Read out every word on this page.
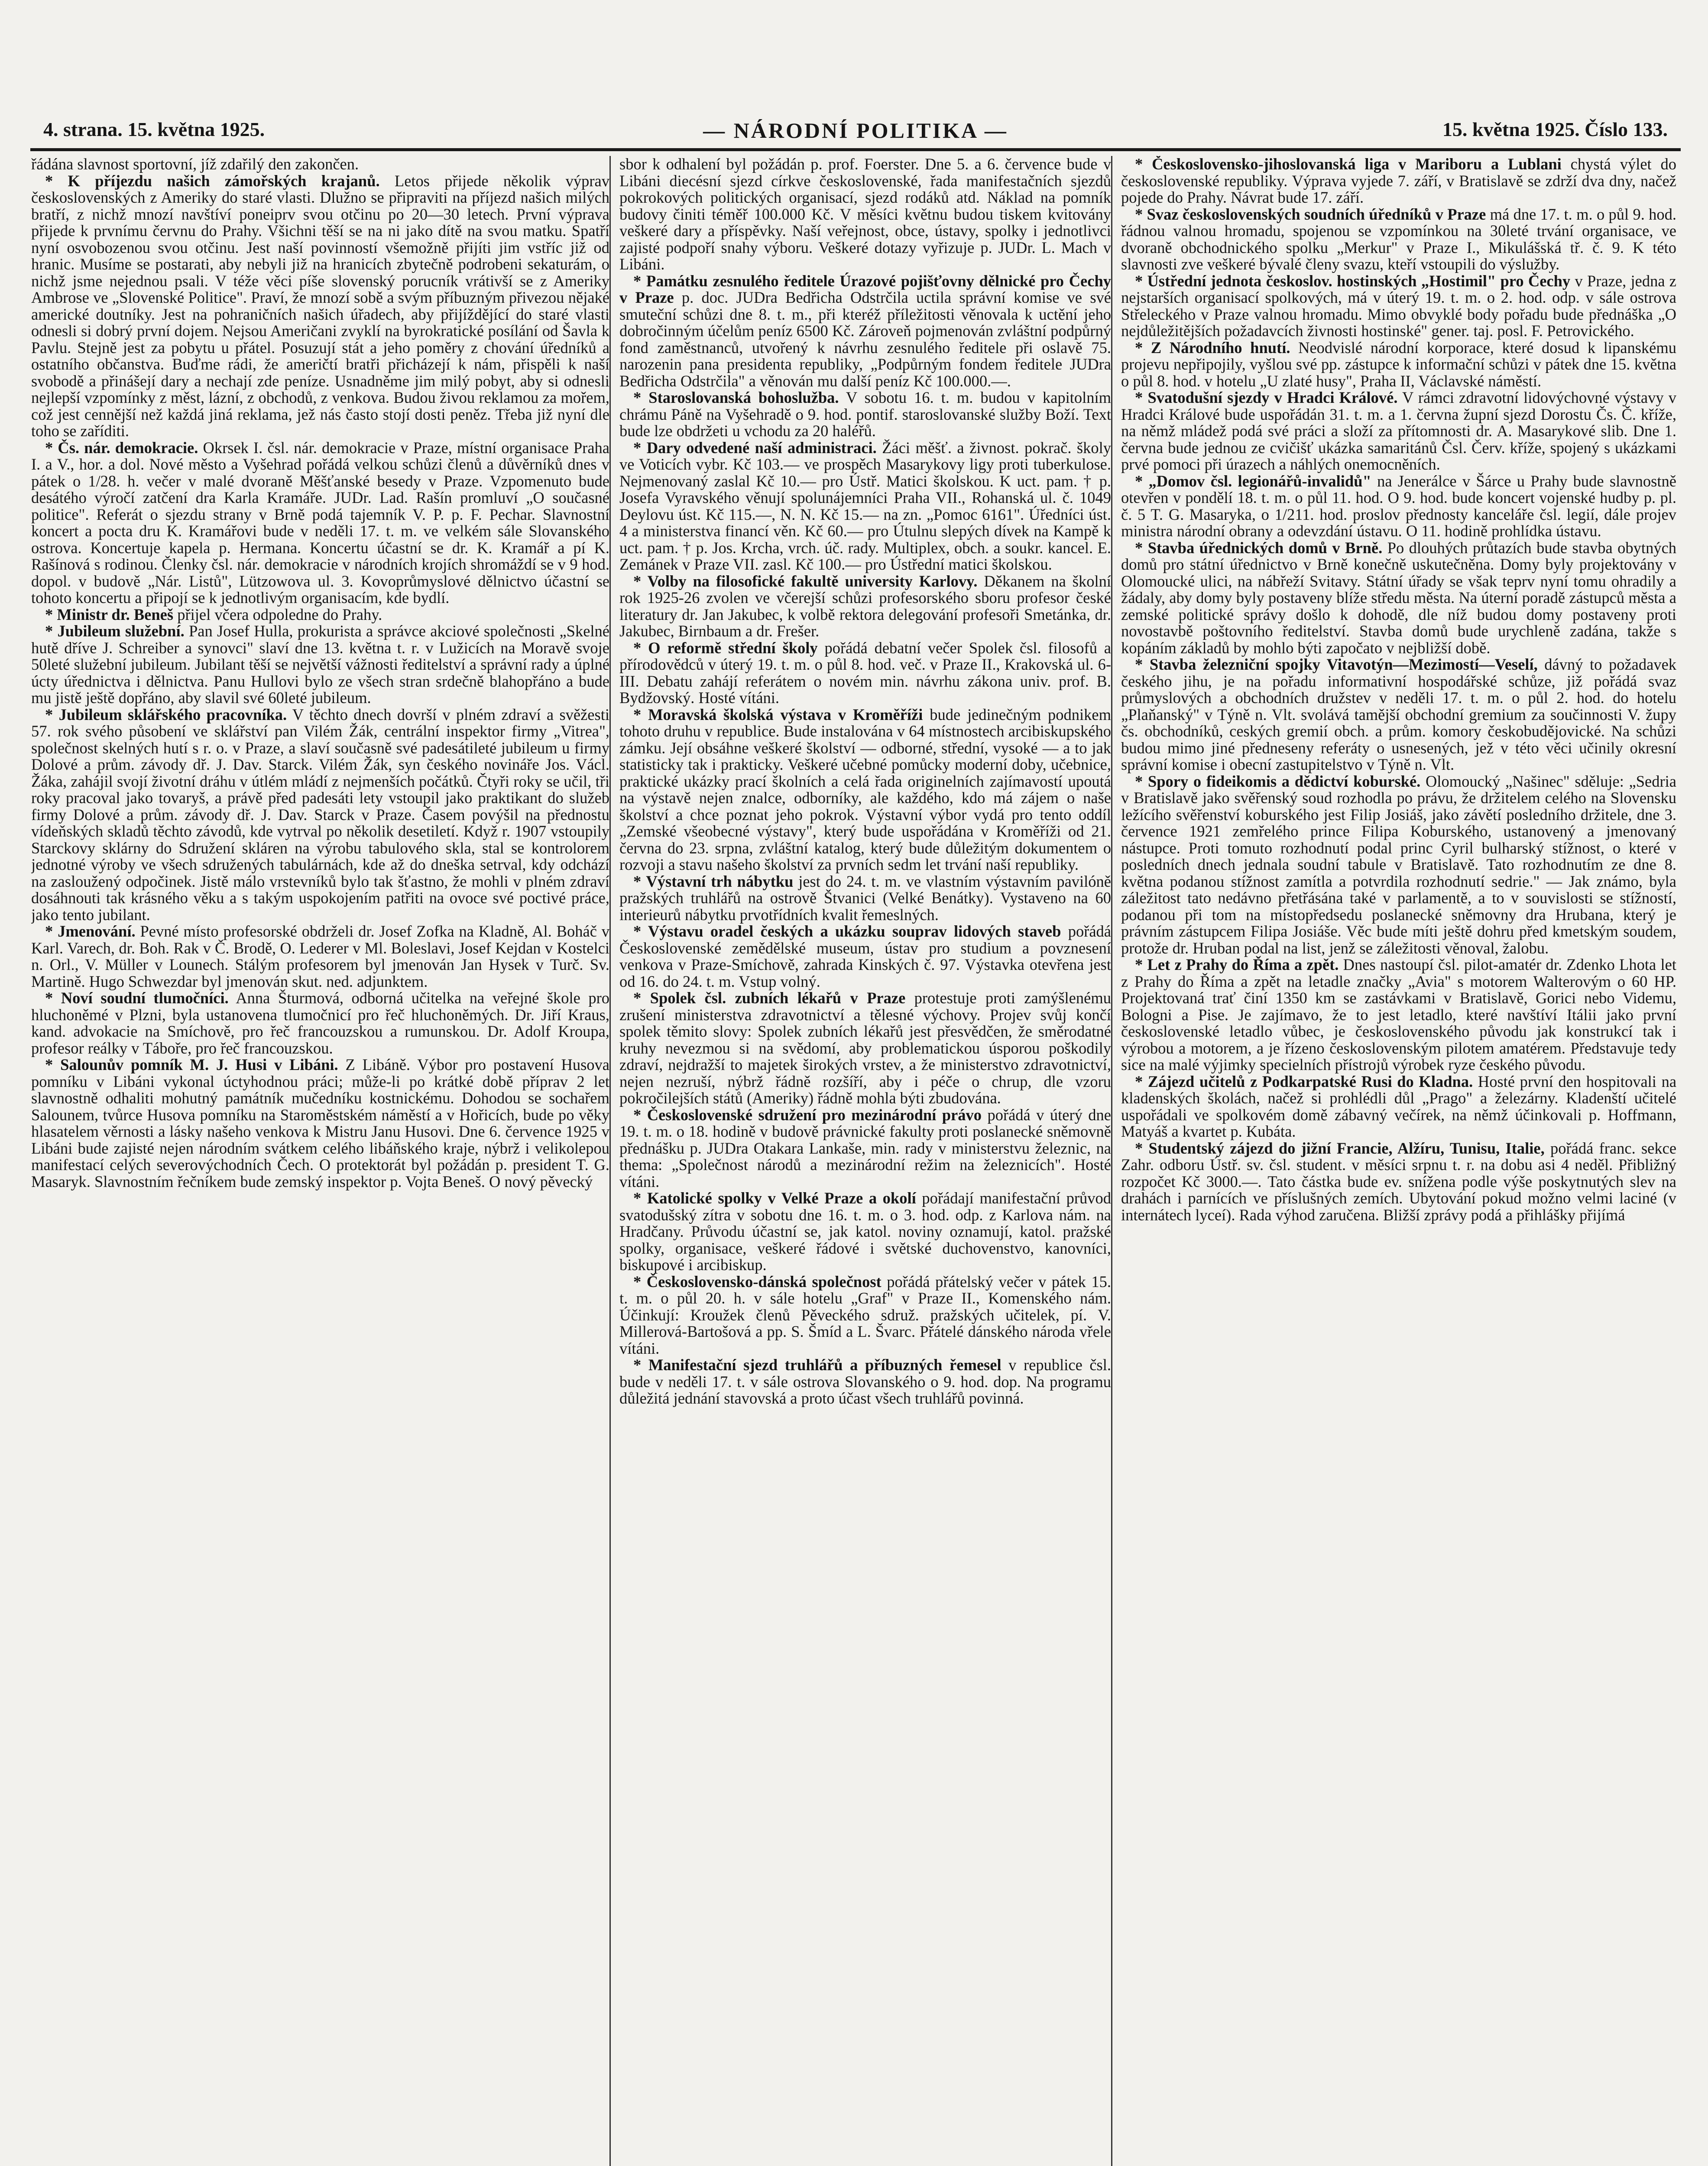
4. strana. 15. května 1925.	— NÁRODNÍ POLITIKA —	15. května 1925. Číslo 133.

řádána slavnost sportovní, jíž zdařilý den zakončen.

* K příjezdu našich zámořských krajanů. Letos přijede několik výprav československých z Ameriky do staré vlasti. Dlužno se připraviti na příjezd našich milých bratří, z nichž mnozí navštíví poneiprv svou otčinu po 20—30 letech. První výprava přijede k prvnímu červnu do Prahy. Všichni těší se na ni jako dítě na svou matku. Spatří nyní osvobozenou svou otčinu. Jest naší povinností všemožně přijíti jim vstříc již od hranic. Musíme se postarati, aby nebyli již na hranicích zbytečně podrobeni sekaturám, o nichž jsme nejednou psali. V téže věci píše slovenský porucník vrátivší se z Ameriky Ambrose ve „Slovenské Politice". Praví, že mnozí sobě a svým příbuzným přivezou nějaké americké doutníky. Jest na pohraničních našich úřadech, aby přijíždějící do staré vlasti odnesli si dobrý první dojem. Nejsou Američani zvyklí na byrokratické posílání od Šavla k Pavlu. Stejně jest za pobytu u přátel. Posuzují stát a jeho poměry z chování úředníků a ostatního občanstva. Buďme rádi, že američtí bratři přicházejí k nám, přispěli k naší svobodě a přinášejí dary a nechají zde peníze. Usnadněme jim milý pobyt, aby si odnesli nejlepší vzpomínky z měst, lázní, z obchodů, z venkova. Budou živou reklamou za mořem, což jest cennější než každá jiná reklama, jež nás často stojí dosti peněz. Třeba již nyní dle toho se zaříditi.

* Čs. nár. demokracie. Okrsek I. čsl. nár. demokracie v Praze, místní organisace Praha I. a V., hor. a dol. Nové město a Vyšehrad pořádá velkou schůzi členů a důvěrníků dnes v pátek o 1/28. h. večer v malé dvoraně Měšťanské besedy v Praze. Vzpomenuto bude desátého výročí zatčení dra Karla Kramáře. JUDr. Lad. Rašín promluví „O současné politice". Referát o sjezdu strany v Brně podá tajemník V. P. p. F. Pechar. Slavnostní koncert a pocta dru K. Kramářovi bude v neděli 17. t. m. ve velkém sále Slovanského ostrova. Koncertuje kapela p. Hermana. Koncertu účastní se dr. K. Kramář a pí K. Rašínová s rodinou. Členky čsl. nár. demokracie v národních krojích shromáždí se v 9 hod. dopol. v budově „Nár. Listů", Lützowova ul. 3. Kovoprůmyslové dělnictvo účastní se tohoto koncertu a připojí se k jednotlivým organisacím, kde bydlí.

* Ministr dr. Beneš přijel včera odpoledne do Prahy.

* Jubileum služební. Pan Josef Hulla, prokurista a správce akciové společnosti „Skelné hutě dříve J. Schreiber a synovci" slaví dne 13. května t. r. v Lužicích na Moravě svoje 50leté služební jubileum. Jubilant těší se největší vážnosti ředitelství a správní rady a úplné úcty úřednictva i dělnictva. Panu Hullovi bylo ze všech stran srdečně blahopřáno a bude mu jistě ještě dopřáno, aby slavil své 60leté jubileum.

* Jubileum sklářského pracovníka. V těchto dnech dovrší v plném zdraví a svěžesti 57. rok svého působení ve sklářství pan Vilém Žák, centrální inspektor firmy „Vitrea", společnost skelných hutí s r. o. v Praze, a slaví současně své padesátileté jubileum u firmy Dolové a prům. závody dř. J. Dav. Starck. Vilém Žák, syn českého novináře Jos. Václ. Žáka, zahájil svojí životní dráhu v útlém mládí z nejmenších počátků. Čtyři roky se učil, tři roky pracoval jako tovaryš, a právě před padesáti lety vstoupil jako praktikant do služeb firmy Dolové a prům. závody dř. J. Dav. Starck v Praze. Časem povýšil na přednostu vídeňských skladů těchto závodů, kde vytrval po několik desetiletí. Když r. 1907 vstoupily Starckovy sklárny do Sdružení skláren na výrobu tabulového skla, stal se kontrolorem jednotné výroby ve všech sdružených tabulárnách, kde až do dneška setrval, kdy odchází na zasloužený odpočinek. Jistě málo vrstevníků bylo tak šťastno, že mohli v plném zdraví dosáhnouti tak krásného věku a s takým uspokojením patřiti na ovoce své poctivé práce, jako tento jubilant.

* Jmenování. Pevné místo profesorské obdrželi dr. Josef Zofka na Kladně, Al. Boháč v Karl. Varech, dr. Boh. Rak v Č. Brodě, O. Lederer v Ml. Boleslavi, Josef Kejdan v Kostelci n. Orl., V. Müller v Lounech. Stálým profesorem byl jmenován Jan Hysek v Turč. Sv. Martině. Hugo Schwezdar byl jmenován skut. ned. adjunktem.

* Noví soudní tlumočníci. Anna Šturmová, odborná učitelka na veřejné škole pro hluchoněmé v Plzni, byla ustanovena tlumočnicí pro řeč hluchoněmých. Dr. Jiří Kraus, kand. advokacie na Smíchově, pro řeč francouzskou a rumunskou. Dr. Adolf Kroupa, profesor reálky v Táboře, pro řeč francouzskou.

* Salounův pomník M. J. Husi v Libáni. Z Libáně. Výbor pro postavení Husova pomníku v Libáni vykonal úctyhodnou práci; může-li po krátké době příprav 2 let slavnostně odhaliti mohutný památník mučedníku kostnickému. Dohodou se sochařem Salounem, tvůrce Husova pomníku na Staroměstském náměstí a v Hořicích, bude po věky hlasatelem věrnosti a lásky našeho venkova k Mistru Janu Husovi. Dne 6. července 1925 v Libáni bude zajisté nejen národním svátkem celého libáňského kraje, nýbrž i velikolepou manifestací celých severovýchodních Čech. O protektorát byl požádán p. president T. G. Masaryk. Slavnostním řečníkem bude zemský inspektor p. Vojta Beneš. O nový pěvecký

sbor k odhalení byl požádán p. prof. Foerster. Dne 5. a 6. července bude v Libáni diecésní sjezd církve československé, řada manifestačních sjezdů pokrokových politických organisací, sjezd rodáků atd. Náklad na pomník budovy činiti téměř 100.000 Kč. V měsíci květnu budou tiskem kvitovány veškeré dary a příspěvky. Naší veřejnost, obce, ústavy, spolky i jednotlivci zajisté podpoří snahy výboru. Veškeré dotazy vyřizuje p. JUDr. L. Mach v Libáni.

* Památku zesnulého ředitele Úrazové pojišťovny dělnické pro Čechy v Praze p. doc. JUDra Bedřicha Odstrčila uctila správní komise ve své smuteční schůzi dne 8. t. m., při kteréž příležitosti věnovala k uctění jeho dobročinným účelům peníz 6500 Kč. Zároveň pojmenován zvláštní podpůrný fond zaměstnanců, utvořený k návrhu zesnulého ředitele při oslavě 75. narozenin pana presidenta republiky, „Podpůrným fondem ředitele JUDra Bedřicha Odstrčila" a věnován mu další peníz Kč 100.000.—.

* Staroslovanská bohoslužba. V sobotu 16. t. m. budou v kapitolním chrámu Páně na Vyšehradě o 9. hod. pontif. staroslovanské služby Boží. Text bude lze obdržeti u vchodu za 20 haléřů.

* Dary odvedené naší administraci. Žáci měšť. a živnost. pokrač. školy ve Voticích vybr. Kč 103.— ve prospěch Masarykovy ligy proti tuberkulose. Nejmenovaný zaslal Kč 10.— pro Ústř. Matici školskou. K uct. pam. † p. Josefa Vyravského věnují spolunájemníci Praha VII., Rohanská ul. č. 1049 Deylovu úst. Kč 115.—, N. N. Kč 15.— na zn. „Pomoc 6161". Úředníci úst. 4 a ministerstva financí věn. Kč 60.— pro Útulnu slepých dívek na Kampě k uct. pam. † p. Jos. Krcha, vrch. úč. rady. Multiplex, obch. a soukr. kancel. E. Zemánek v Praze VII. zasl. Kč 100.— pro Ústřední matici školskou.

* Volby na filosofické fakultě university Karlovy. Děkanem na školní rok 1925-26 zvolen ve včerejší schůzi profesorského sboru profesor české literatury dr. Jan Jakubec, k volbě rektora delegování profesoři Smetánka, dr. Jakubec, Birnbaum a dr. Frešer.

* O reformě střední školy pořádá debatní večer Spolek čsl. filosofů a přírodovědců v úterý 19. t. m. o půl 8. hod. več. v Praze II., Krakovská ul. 6-III. Debatu zahájí referátem o novém min. návrhu zákona univ. prof. B. Bydžovský. Hosté vítáni.

* Moravská školská výstava v Kroměříži bude jedinečným podnikem tohoto druhu v republice. Bude instalována v 64 místnostech arcibiskupského zámku. Její obsáhne veškeré školství — odborné, střední, vysoké — a to jak statisticky tak i prakticky. Veškeré učebné pomůcky moderní doby, učebnice, praktické ukázky prací školních a celá řada originelních zajímavostí upoutá na výstavě nejen znalce, odborníky, ale každého, kdo má zájem o naše školství a chce poznat jeho pokrok. Výstavní výbor vydá pro tento oddíl „Zemské všeobecné výstavy", který bude uspořádána v Kroměříži od 21. června do 23. srpna, zvláštní katalog, který bude důležitým dokumentem o rozvoji a stavu našeho školství za prvních sedm let trvání naší republiky.

* Výstavní trh nábytku jest do 24. t. m. ve vlastním výstavním pavilóně pražských truhlářů na ostrově Štvanici (Velké Benátky). Vystaveno na 60 interieurů nábytku prvotřídních kvalit řemeslných.

* Výstavu oradel českých a ukázku souprav lidových staveb pořádá Československé zemědělské museum, ústav pro studium a povznesení venkova v Praze-Smíchově, zahrada Kinských č. 97. Výstavka otevřena jest od 16. do 24. t. m. Vstup volný.

* Spolek čsl. zubních lékařů v Praze protestuje proti zamýšlenému zrušení ministerstva zdravotnictví a tělesné výchovy. Projev svůj končí spolek těmito slovy: Spolek zubních lékařů jest přesvědčen, že směrodatné kruhy nevezmou si na svědomí, aby problematickou úsporou poškodily zdraví, nejdražší to majetek širokých vrstev, a že ministerstvo zdravotnictví, nejen nezruší, nýbrž řádně rozšíří, aby i péče o chrup, dle vzoru pokročilejších států (Ameriky) řádně mohla býti zbudována.

* Československé sdružení pro mezinárodní právo pořádá v úterý dne 19. t. m. o 18. hodině v budově právnické fakulty proti poslanecké sněmovně přednášku p. JUDra Otakara Lankaše, min. rady v ministerstvu železnic, na thema: „Společnost národů a mezinárodní režim na železnicích". Hosté vítáni.

* Katolické spolky v Velké Praze a okolí pořádají manifestační průvod svatodušský zítra v sobotu dne 16. t. m. o 3. hod. odp. z Karlova nám. na Hradčany. Průvodu účastní se, jak katol. noviny oznamují, katol. pražské spolky, organisace, veškeré řádové i světské duchovenstvo, kanovníci, biskupové i arcibiskup.

* Československo-dánská společnost pořádá přátelský večer v pátek 15. t. m. o půl 20. h. v sále hotelu „Graf" v Praze II., Komenského nám. Účinkují: Kroužek členů Pěveckého sdruž. pražských učitelek, pí. V. Millerová-Bartošová a pp. S. Šmíd a L. Švarc. Přátelé dánského národa vřele vítáni.

* Manifestační sjezd truhlářů a příbuzných řemesel v republice čsl. bude v neděli 17. t. v sále ostrova Slovanského o 9. hod. dop. Na programu důležitá jednání stavovská a proto účast všech truhlářů povinná.

* Československo-jihoslovanská liga v Mariboru a Lublani chystá výlet do československé republiky. Výprava vyjede 7. září, v Bratislavě se zdrží dva dny, načež pojede do Prahy. Návrat bude 17. září.

* Svaz československých soudních úředníků v Praze má dne 17. t. m. o půl 9. hod. řádnou valnou hromadu, spojenou se vzpomínkou na 30leté trvání organisace, ve dvoraně obchodnického spolku „Merkur" v Praze I., Mikulášská tř. č. 9. K této slavnosti zve veškeré bývalé členy svazu, kteří vstoupili do výslužby.

* Ústřední jednota českoslov. hostinských „Hostimil" pro Čechy v Praze, jedna z nejstarších organisací spolkových, má v úterý 19. t. m. o 2. hod. odp. v sále ostrova Střeleckého v Praze valnou hromadu. Mimo obvyklé body pořadu bude přednáška „O nejdůležitějších požadavcích živnosti hostinské" gener. taj. posl. F. Petrovického.

* Z Národního hnutí. Neodvislé národní korporace, které dosud k lipanskému projevu nepřipojily, vyšlou své pp. zástupce k informační schůzi v pátek dne 15. května o půl 8. hod. v hotelu „U zlaté husy", Praha II, Václavské náměstí.

* Svatodušní sjezdy v Hradci Králové. V rámci zdravotní lidovýchovné výstavy v Hradci Králové bude uspořádán 31. t. m. a 1. června župní sjezd Dorostu Čs. Č. kříže, na němž mládež podá své práci a složí za přítomnosti dr. A. Masarykové slib. Dne 1. června bude jednou ze cvičišť ukázka samaritánů Čsl. Červ. kříže, spojený s ukázkami prvé pomoci při úrazech a náhlých onemocněních.

* „Domov čsl. legionářů-invalidů" na Jenerálce v Šárce u Prahy bude slavnostně otevřen v pondělí 18. t. m. o půl 11. hod. O 9. hod. bude koncert vojenské hudby p. pl. č. 5 T. G. Masaryka, o 1/211. hod. proslov přednosty kanceláře čsl. legií, dále projev ministra národní obrany a odevzdání ústavu. O 11. hodině prohlídka ústavu.

* Stavba úřednických domů v Brně. Po dlouhých průtazích bude stavba obytných domů pro státní úřednictvo v Brně konečně uskutečněna. Domy byly projektovány v Olomoucké ulici, na nábřeží Svitavy. Státní úřady se však teprv nyní tomu ohradily a žádaly, aby domy byly postaveny blíže středu města. Na úterní poradě zástupců města a zemské politické správy došlo k dohodě, dle níž budou domy postaveny proti novostavbě poštovního ředitelství. Stavba domů bude urychleně zadána, takže s kopáním základů by mohlo býti započato v nejbližší době.

* Stavba železniční spojky Vitavotýn—Mezimostí—Veselí, dávný to požadavek českého jihu, je na pořadu informativní hospodářské schůze, již pořádá svaz průmyslových a obchodních družstev v neděli 17. t. m. o půl 2. hod. do hotelu „Plaňanský" v Týně n. Vlt. svolává tamější obchodní gremium za součinnosti V. župy čs. obchodníků, ceských gremií obch. a prům. komory českobudějovické. Na schůzi budou mimo jiné předneseny referáty o usnesených, jež v této věci učinily okresní správní komise i obecní zastupitelstvo v Týně n. Vlt.

* Spory o fideikomis a dědictví koburské. Olomoucký „Našinec" sděluje: „Sedria v Bratislavě jako svěřenský soud rozhodla po právu, že držitelem celého na Slovensku ležícího svěřenství koburského jest Filip Josiáš, jako závětí posledního držitele, dne 3. července 1921 zemřelého prince Filipa Koburského, ustanovený a jmenovaný nástupce. Proti tomuto rozhodnutí podal princ Cyril bulharský stížnost, o které v posledních dnech jednala soudní tabule v Bratislavě. Tato rozhodnutím ze dne 8. května podanou stížnost zamítla a potvrdila rozhodnutí sedrie." — Jak známo, byla záležitost tato nedávno přetřásána také v parlamentě, a to v souvislosti se stížností, podanou při tom na místopředsedu poslanecké sněmovny dra Hrubana, který je právním zástupcem Filipa Josiáše. Věc bude míti ještě dohru před kmetským soudem, protože dr. Hruban podal na list, jenž se záležitosti věnoval, žalobu.

* Let z Prahy do Říma a zpět. Dnes nastoupí čsl. pilot-amatér dr. Zdenko Lhota let z Prahy do Říma a zpět na letadle značky „Avia" s motorem Walterovým o 60 HP. Projektovaná trať činí 1350 km se zastávkami v Bratislavě, Gorici nebo Videmu, Bologni a Pise. Je zajímavo, že to jest letadlo, které navštíví Itálii jako první československé letadlo vůbec, je československého původu jak konstrukcí tak i výrobou a motorem, a je řízeno československým pilotem amatérem. Představuje tedy sice na malé výjimky specielních přístrojů výrobek ryze českého původu.

* Zájezd učitelů z Podkarpatské Rusi do Kladna. Hosté první den hospitovali na kladenských školách, načež si prohlédli důl „Prago" a železárny. Kladenští učitelé uspořádali ve spolkovém domě zábavný večírek, na němž účinkovali p. Hoffmann, Matyáš a kvartet p. Kubáta.

* Studentský zájezd do jižní Francie, Alžíru, Tunisu, Italie, pořádá franc. sekce Zahr. odboru Ústř. sv. čsl. student. v měsíci srpnu t. r. na dobu asi 4 neděl. Přibližný rozpočet Kč 3000.—. Tato částka bude ev. snížena podle výše poskytnutých slev na drahách i parnících ve příslušných zemích. Ubytování pokud možno velmi laciné (v internátech lyceí). Rada výhod zaručena. Bližší zprávy podá a přihlášky přijímá
